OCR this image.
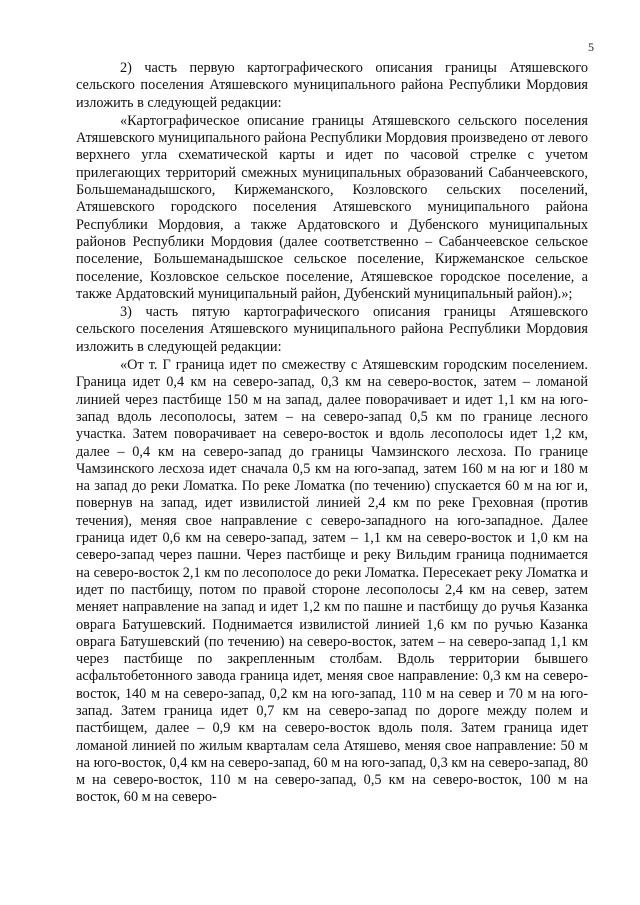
5

2) часть первую картографического описания границы Атяшевского сельского поселения Атяшевского муниципального района Республики Мордовия изложить в следующей редакции:

«Картографическое описание границы Атяшевского сельского поселения Атяшевского муниципального района Республики Мордовия произведено от левого верхнего угла схематической карты и идет по часовой стрелке с учетом прилегающих территорий смежных муниципальных образований Сабанчеевского, Большеманадышского, Киржеманского, Козловского сельских поселений, Атяшевского городского поселения Атяшевского муниципального района Республики Мордовия, а также Ардатовского и Дубенского муниципальных районов Республики Мордовия (далее соответственно – Сабанчеевское сельское поселение, Большеманадышское сельское поселение, Киржеманское сельское поселение, Козловское сельское поселение, Атяшевское городское поселение, а также Ардатовский муниципальный район, Дубенский муниципальный район).»;

3) часть пятую картографического описания границы Атяшевского сельского поселения Атяшевского муниципального района Республики Мордовия изложить в следующей редакции:

«От т. Г граница идет по смежеству с Атяшевским городским поселением. Граница идет 0,4 км на северо-запад, 0,3 км на северо-восток, затем – ломаной линией через пастбище 150 м на запад, далее поворачивает и идет 1,1 км на юго-запад вдоль лесополосы, затем – на северо-запад 0,5 км по границе лесного участка. Затем поворачивает на северо-восток и вдоль лесополосы идет 1,2 км, далее – 0,4 км на северо-запад до границы Чамзинского лесхоза. По границе Чамзинского лесхоза идет сначала 0,5 км на юго-запад, затем 160 м на юг и 180 м на запад до реки Ломатка. По реке Ломатка (по течению) спускается 60 м на юг и, повернув на запад, идет извилистой линией 2,4 км по реке Греховная (против течения), меняя свое направление с северо-западного на юго-западное. Далее граница идет 0,6 км на северо-запад, затем – 1,1 км на северо-восток и 1,0 км на северо-запад через пашни. Через пастбище и реку Вильдим граница поднимается на северо-восток 2,1 км по лесополосе до реки Ломатка. Пересекает реку Ломатка и идет по пастбищу, потом по правой стороне лесополосы 2,4 км на север, затем меняет направление на запад и идет 1,2 км по пашне и пастбищу до ручья Казанка оврага Батушевский. Поднимается извилистой линией 1,6 км по ручью Казанка оврага Батушевский (по течению) на северо-восток, затем – на северо-запад 1,1 км через пастбище по закрепленным столбам. Вдоль территории бывшего асфальтобетонного завода граница идет, меняя свое направление: 0,3 км на северо-восток, 140 м на северо-запад, 0,2 км на юго-запад, 110 м на север и 70 м на юго-запад. Затем граница идет 0,7 км на северо-запад по дороге между полем и пастбищем, далее – 0,9 км на северо-восток вдоль поля. Затем граница идет ломаной линией по жилым кварталам села Атяшево, меняя свое направление: 50 м на юго-восток, 0,4 км на северо-запад, 60 м на юго-запад, 0,3 км на северо-запад, 80 м на северо-восток, 110 м на северо-запад, 0,5 км на северо-восток, 100 м на восток, 60 м на северо-
